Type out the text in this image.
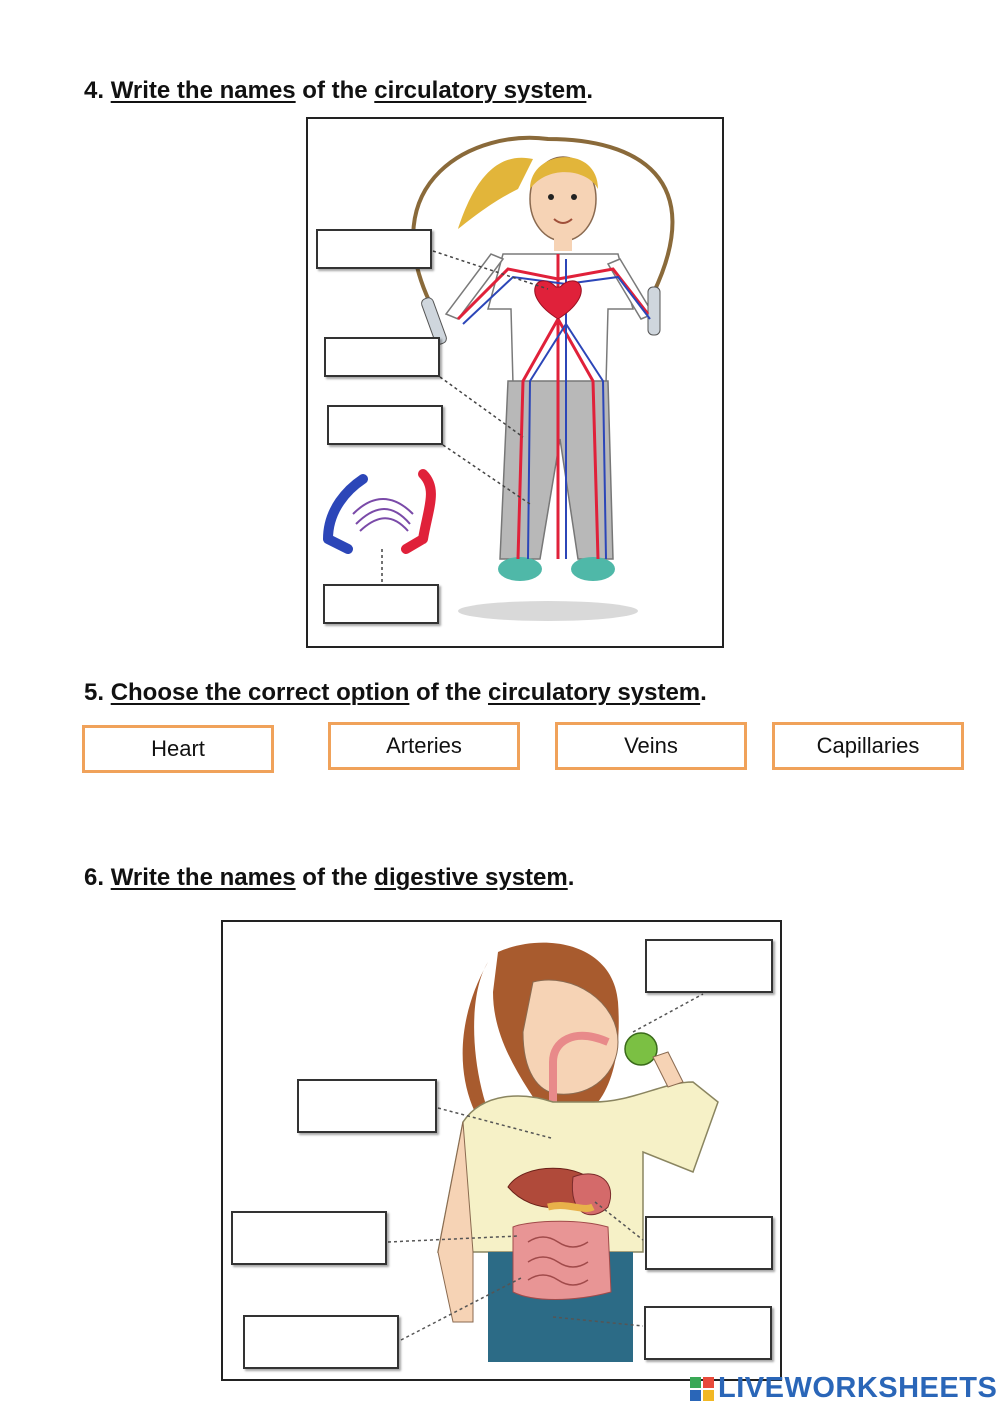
4. Write the names of the circulatory system.
5. Choose the correct option of the circulatory system.
Heart	Arteries	Veins	Capillaries
6. Write the names of the digestive system.
LIVEWORKSHEETS
